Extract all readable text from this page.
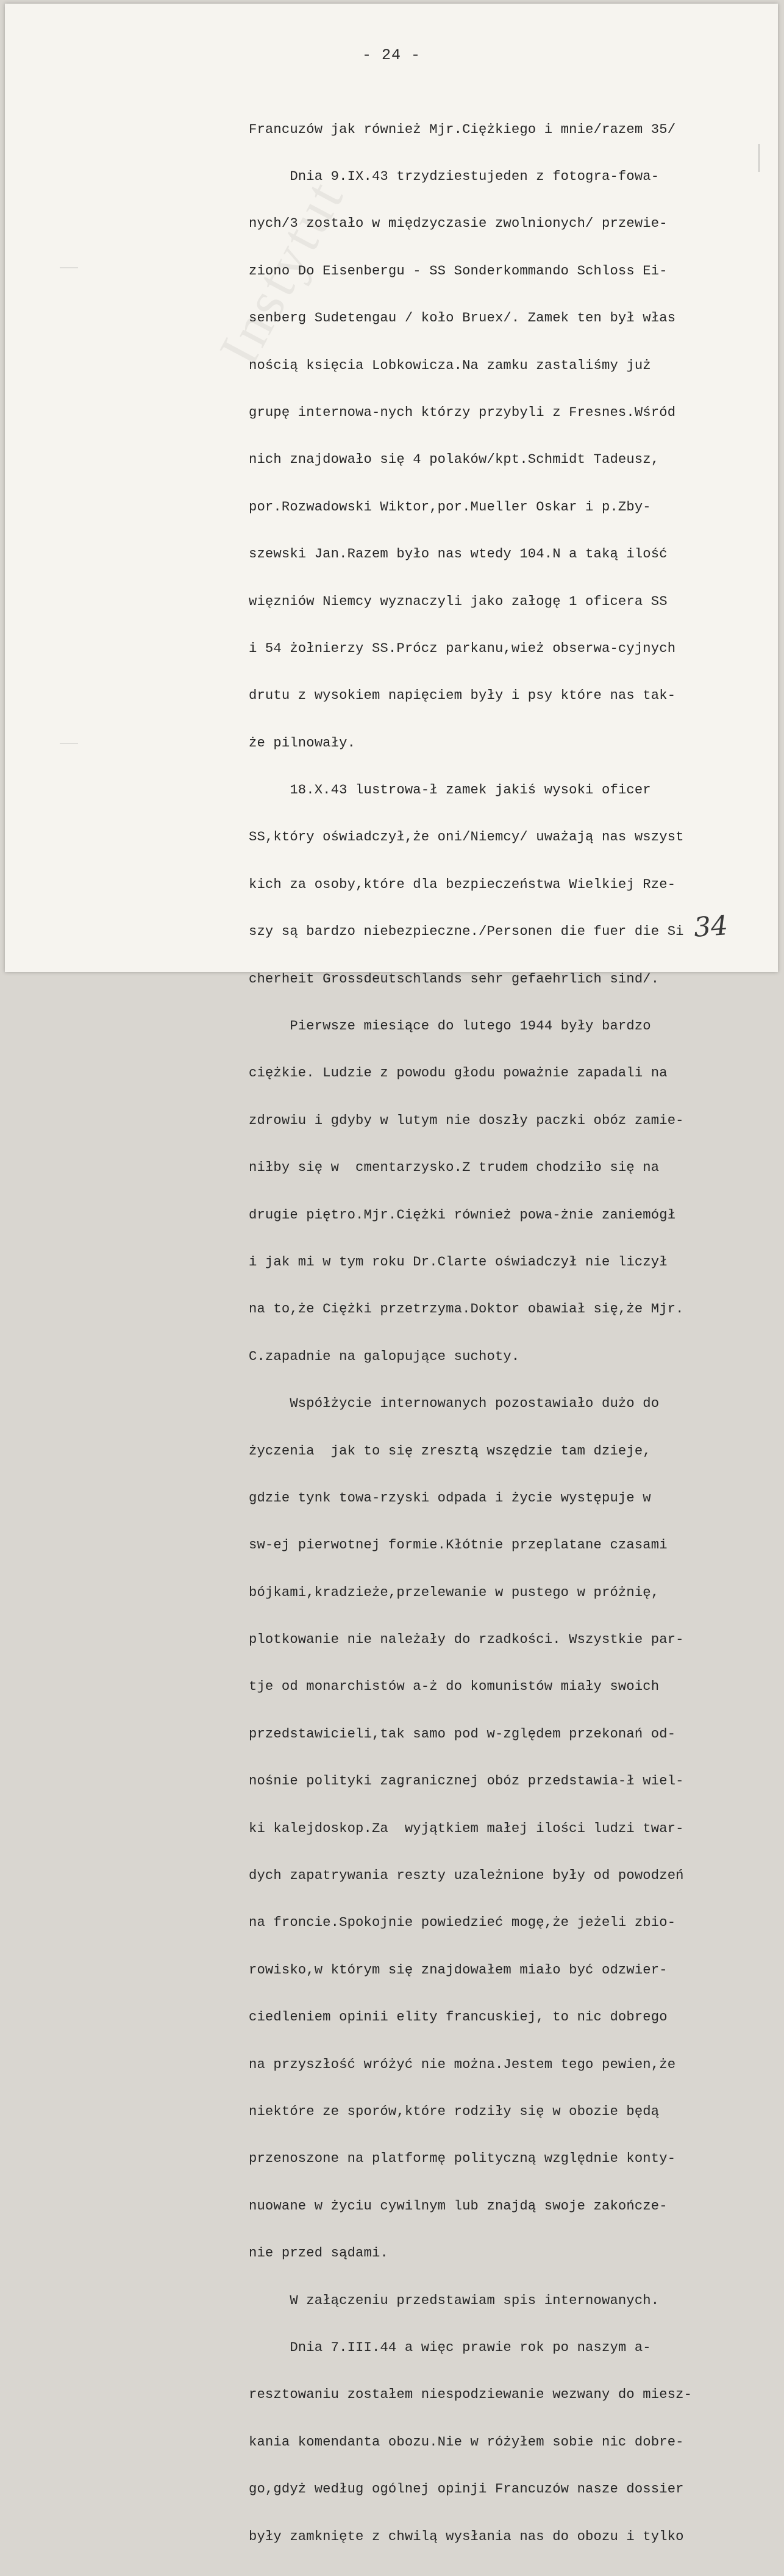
Instytut
- 24 -

Francuzów jak również Mjr.Ciężkiego i mnie/razem 35/

Dnia 9.IX.43 trzydziestujeden z fotogra-fowa-

nych/3 zostało w międzyczasie zwolnionych/ przewie-

ziono Do Eisenbergu - SS Sonderkommando Schloss Ei-

senberg Sudetengau / koło Bruex/. Zamek ten był włas

nością księcia Lobkowicza.Na zamku zastaliśmy już

grupę internowa-nych którzy przybyli z Fresnes.Wśród

nich znajdowało się 4 polaków/kpt.Schmidt Tadeusz,

por.Rozwadowski Wiktor,por.Mueller Oskar i p.Zby-

szewski Jan.Razem było nas wtedy 104.N a taką ilość

więzniów Niemcy wyznaczyli jako załogę 1 oficera SS

i 54 żołnierzy SS.Prócz parkanu,wież obserwa-cyjnych

drutu z wysokiem napięciem były i psy które nas tak-

że pilnowały.

18.X.43 lustrowa-ł zamek jakiś wysoki oficer

SS,który oświadczył,że oni/Niemcy/ uważają nas wszyst

kich za osoby,które dla bezpieczeństwa Wielkiej Rze-

szy są bardzo niebezpieczne./Personen die fuer die Si

cherheit Grossdeutschlands sehr gefaehrlich sind/.

Pierwsze miesiące do lutego 1944 były bardzo

ciężkie. Ludzie z powodu głodu poważnie zapadali na

zdrowiu i gdyby w lutym nie doszły paczki obóz zamie-

niłby się w  cmentarzysko.Z trudem chodziło się na

drugie piętro.Mjr.Ciężki również powa-żnie zaniemógł

i jak mi w tym roku Dr.Clarte oświadczył nie liczył

na to,że Ciężki przetrzyma.Doktor obawiał się,że Mjr.

C.zapadnie na galopujące suchoty.

Współżycie internowanych pozostawiało dużo do

życzenia  jak to się zresztą wszędzie tam dzieje,

gdzie tynk towa-rzyski odpada i życie występuje w

sw-ej pierwotnej formie.Kłótnie przeplatane czasami

bójkami,kradzieże,przelewanie w pustego w próżnię,

plotkowanie nie należały do rzadkości. Wszystkie par-

tje od monarchistów a-ż do komunistów miały swoich

przedstawicieli,tak samo pod w-zględem przekonań od-

nośnie polityki zagranicznej obóz przedstawia-ł wiel-

ki kalejdoskop.Za  wyjątkiem małej ilości ludzi twar-

dych zapatrywania reszty uzależnione były od powodzeń

na froncie.Spokojnie powiedzieć mogę,że jeżeli zbio-

rowisko,w którym się znajdowałem miało być odzwier-

ciedleniem opinii elity francuskiej, to nic dobrego

na przyszłość wróżyć nie można.Jestem tego pewien,że

niektóre ze sporów,które rodziły się w obozie będą

przenoszone na platformę polityczną względnie konty-

nuowane w życiu cywilnym lub znajdą swoje zakończe-

nie przed sądami.

W załączeniu przedstawiam spis internowanych.

Dnia 7.III.44 a więc prawie rok po naszym a-

resztowaniu zostałem niespodziewanie wezwany do miesz-

kania komendanta obozu.Nie w różyłem sobie nic dobre-

go,gdyż według ogólnej opinji Francuzów nasze dossier

były zamknięte z chwilą wysłania nas do obozu i tylko

34
